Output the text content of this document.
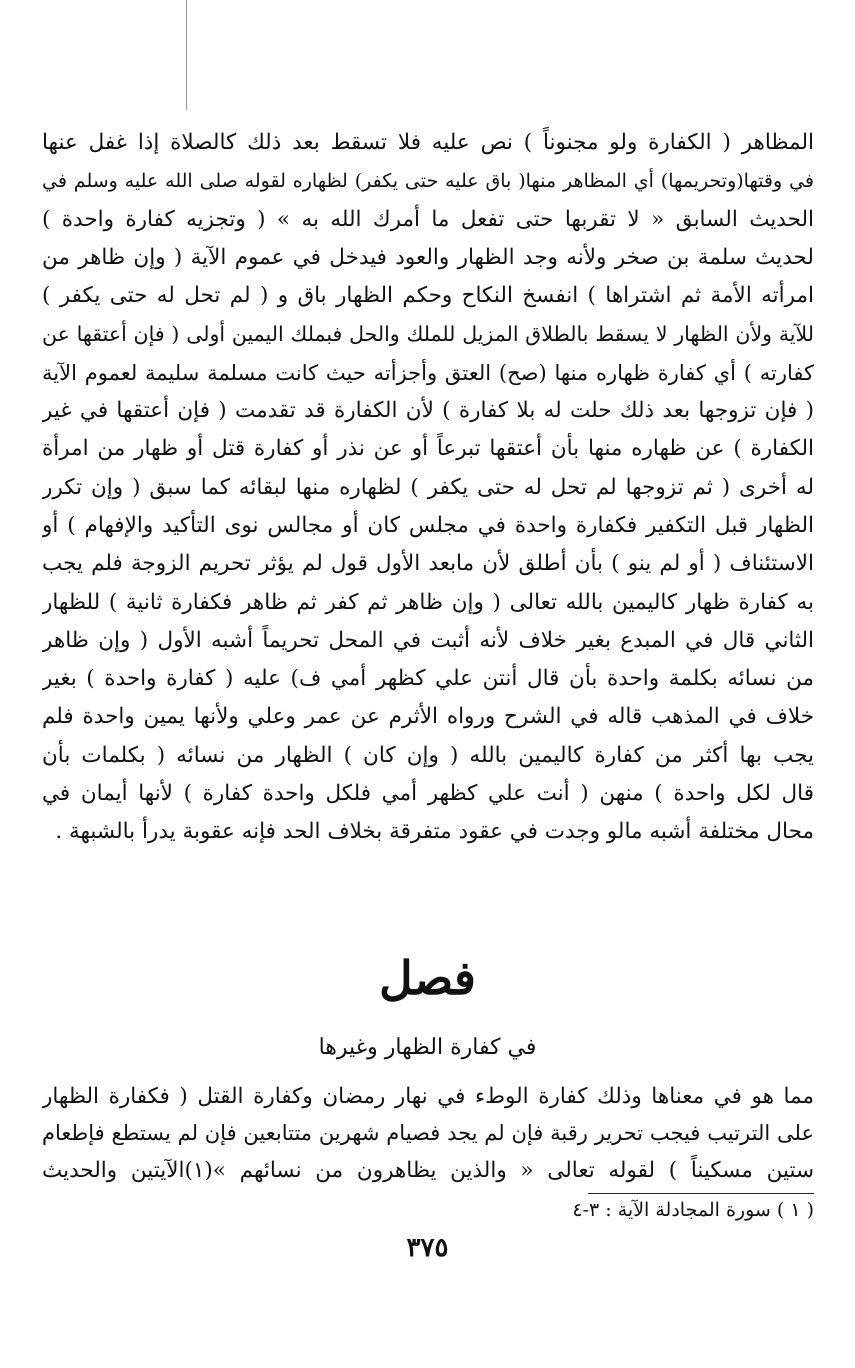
المظاهر ( الكفارة ولو مجنوناً ) نص عليه فلا تسقط بعد ذلك كالصلاة إذا غفل عنها
في وقتها(وتحريمها) أي المظاهر منها( باق عليه حتى يكفر) لظهاره لقوله صلى الله عليه وسلم في
الحديث السابق « لا تقربها حتى تفعل ما أمرك الله به » ( وتجزيه كفارة واحدة )
لحديث سلمة بن صخر ولأنه وجد الظهار والعود فيدخل في عموم الآية ( وإن ظاهر من
امرأته الأمة ثم اشتراها ) انفسخ النكاح وحكم الظهار باق و ( لم تحل له حتى يكفر )
للآية ولأن الظهار لا يسقط بالطلاق المزيل للملك والحل فبملك اليمين أولى ( فإن أعتقها عن
كفارته ) أي كفارة ظهاره منها (صح) العتق وأجزأته حيث كانت مسلمة سليمة لعموم الآية
( فإن تزوجها بعد ذلك حلت له بلا كفارة ) لأن الكفارة قد تقدمت ( فإن أعتقها في غير
الكفارة ) عن ظهاره منها بأن أعتقها تبرعاً أو عن نذر أو كفارة قتل أو ظهار من امرأة
له أخرى ( ثم تزوجها لم تحل له حتى يكفر ) لظهاره منها لبقائه كما سبق ( وإن تكرر
الظهار قبل التكفير فكفارة واحدة في مجلس كان أو مجالس نوى التأكيد والإفهام ) أو
الاستئناف ( أو لم ينو ) بأن أطلق لأن مابعد الأول قول لم يؤثر تحريم الزوجة فلم يجب
به كفارة ظهار كاليمين بالله تعالى ( وإن ظاهر ثم كفر ثم ظاهر فكفارة ثانية ) للظهار
الثاني قال في المبدع بغير خلاف لأنه أثبت في المحل تحريماً أشبه الأول ( وإن ظاهر
من نسائه بكلمة واحدة بأن قال أنتن علي كظهر أمي ف) عليه ( كفارة واحدة ) بغير
خلاف في المذهب قاله في الشرح ورواه الأثرم عن عمر وعلي ولأنها يمين واحدة فلم
يجب بها أكثر من كفارة كاليمين بالله ( وإن كان ) الظهار من نسائه ( بكلمات بأن
قال لكل واحدة ) منهن ( أنت علي كظهر أمي فلكل واحدة كفارة ) لأنها أيمان في
محال مختلفة أشبه مالو وجدت في عقود متفرقة بخلاف الحد فإنه عقوبة يدرأ بالشبهة .
فصل
في كفارة الظهار وغيرها
مما هو في معناها وذلك كفارة الوطء في نهار رمضان وكفارة القتل ( فكفارة الظهار
على الترتيب فيجب تحرير رقبة فإن لم يجد فصيام شهرين متتابعين فإن لم يستطع فإطعام
ستين مسكيناً ) لقوله تعالى « والذين يظاهرون من نسائهم »(١)الآيتين والحديث
( ١ ) سورة المجادلة الآية : ٣-٤
٣٧٥
